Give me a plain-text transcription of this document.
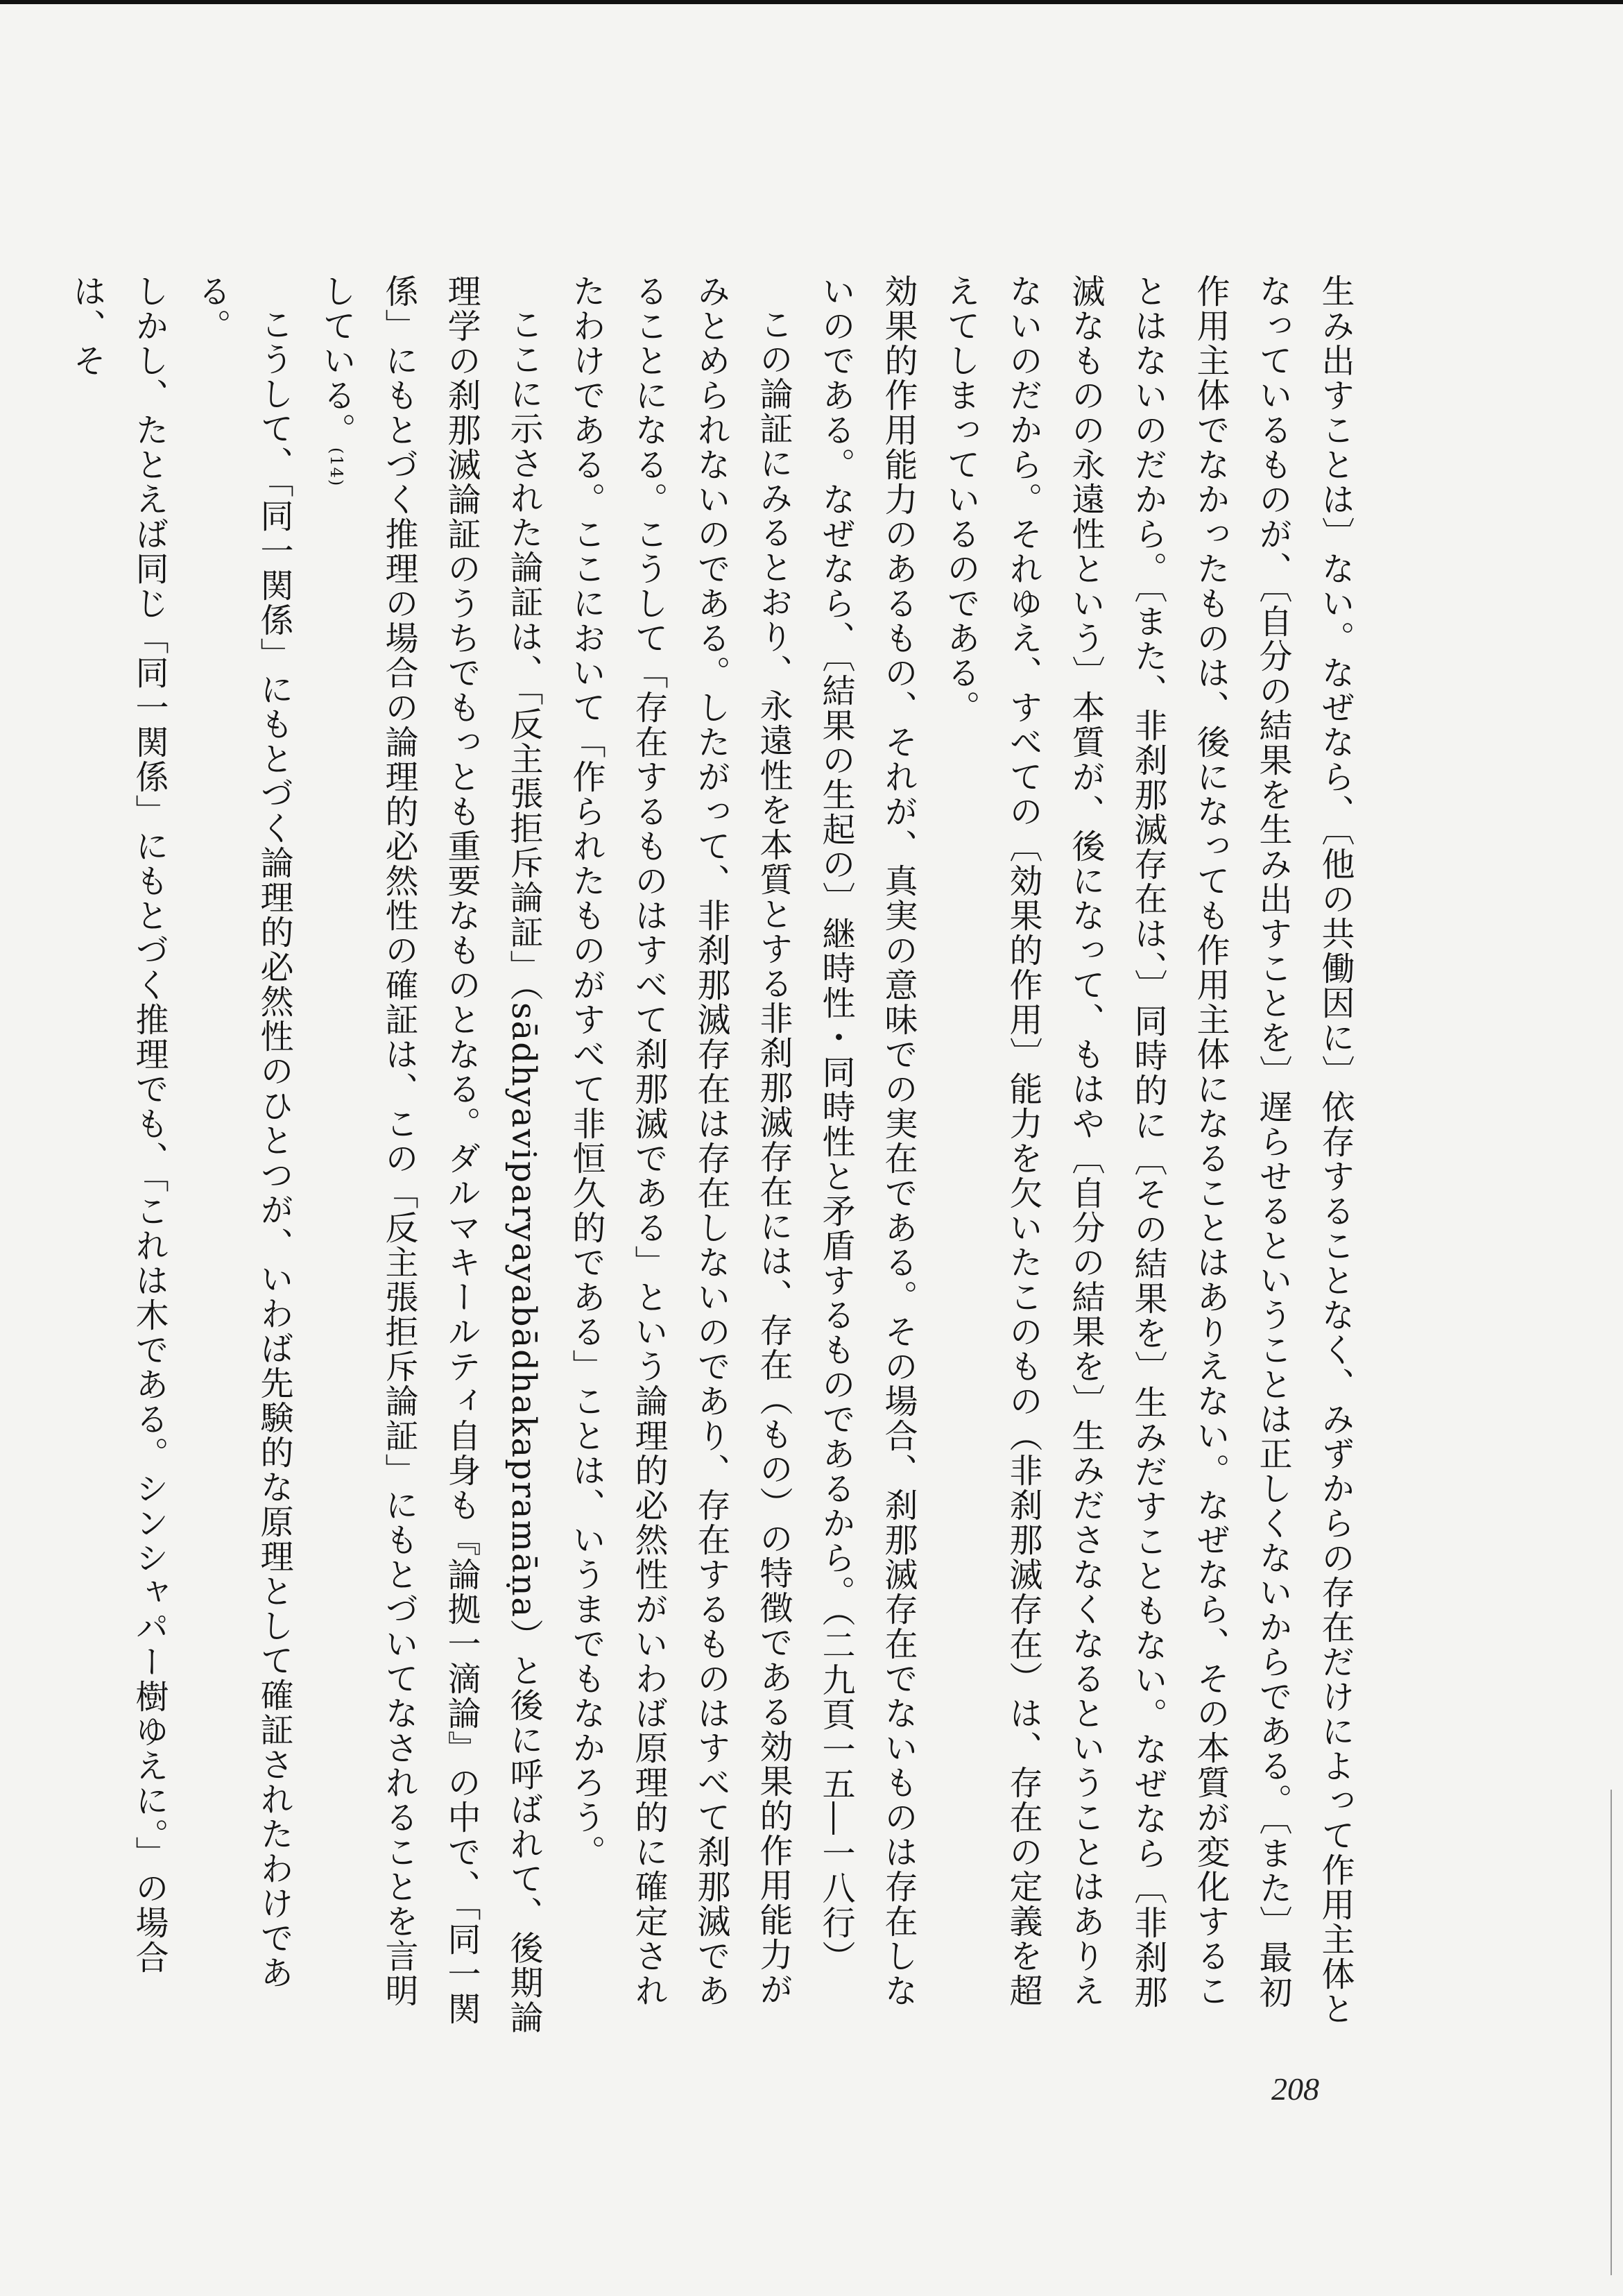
生み出すことは〕ない。なぜなら、〔他の共働因に〕依存することなく、みずからの存在だけによって作用主体となっているものが、〔自分の結果を生み出すことを〕遅らせるということは正しくないからである。〔また〕最初作用主体でなかったものは、後になっても作用主体になることはありえない。なぜなら、その本質が変化することはないのだから。〔また、非刹那滅存在は、〕同時的に〔その結果を〕生みだすこともない。なぜなら〔非刹那滅なものの永遠性という〕本質が、後になって、もはや〔自分の結果を〕生みださなくなるということはありえないのだから。それゆえ、すべての〔効果的作用〕能力を欠いたこのもの（非刹那滅存在）は、存在の定義を超えてしまっているのである。

効果的作用能力のあるもの、それが、真実の意味での実在である。その場合、刹那滅存在でないものは存在しないのである。なぜなら、〔結果の生起の〕継時性・同時性と矛盾するものであるから。（二九頁一五―一八行）

この論証にみるとおり、永遠性を本質とする非刹那滅存在には、存在（もの）の特徴である効果的作用能力がみとめられないのである。したがって、非刹那滅存在は存在しないのであり、存在するものはすべて刹那滅であることになる。こうして「存在するものはすべて刹那滅である」という論理的必然性がいわば原理的に確定されたわけである。ここにおいて「作られたものがすべて非恒久的である」ことは、いうまでもなかろう。

ここに示された論証は、「反主張拒斥論証」（sādhyaviparyayabādhakapramāṇa）と後に呼ばれて、後期論理学の刹那滅論証のうちでもっとも重要なものとなる。ダルマキールティ自身も『論拠一滴論』の中で、「同一関係」にもとづく推理の場合の論理的必然性の確証は、この「反主張拒斥論証」にもとづいてなされることを言明している。(14)

こうして、「同一関係」にもとづく論理的必然性のひとつが、いわば先験的な原理として確証されたわけである。

しかし、たとえば同じ「同一関係」にもとづく推理でも、「これは木である。シンシャパー樹ゆえに。」の場合は、そ

208
